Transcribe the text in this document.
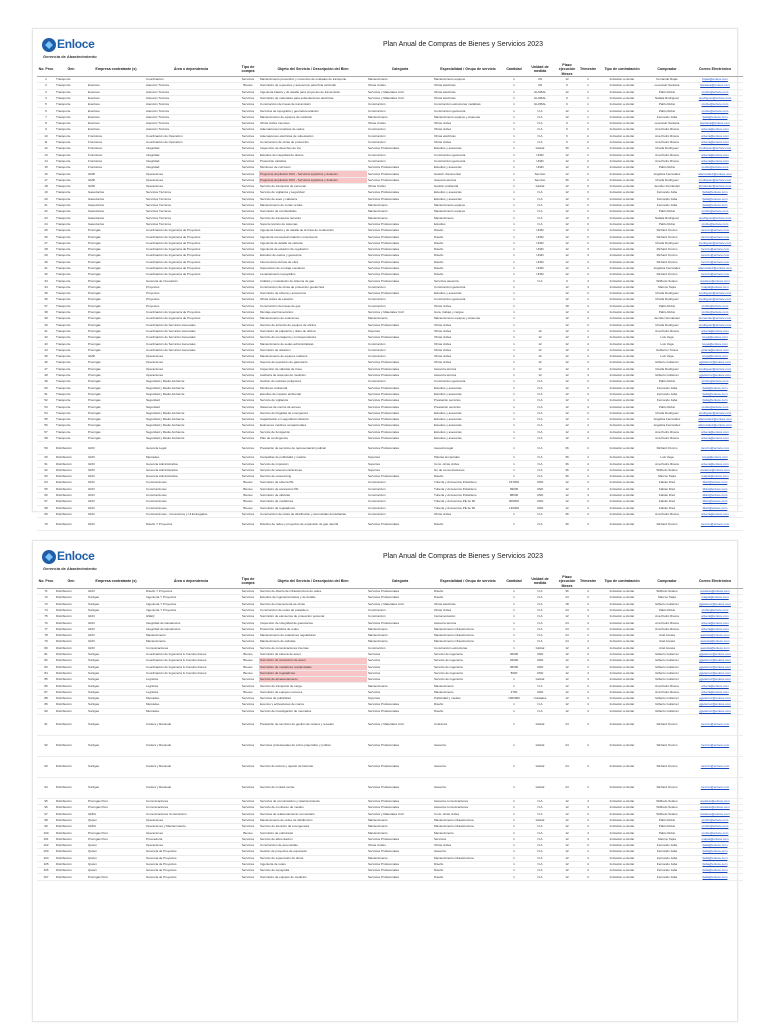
Enloce
Gerencia de Abastecimiento
Plan Anual de Compras de Bienes y Servicios 2023
No. Proc	Gen	Empresa contratante (s)	Área o dependencia	Tipo de compra	Objeto del Servicio / Descripción del Bien	Categoría	Especialidad / Grupo de servicio	Cantidad	Unidad de medida	Plazo ejecución Meses	Trimestre	Tipo de contratación	Comprador	Correo Electrónico
1	Transporte		Coordinación	Servicios	Mantenimiento preventivo y correctivo de unidades de transporte	Mantenimiento	Mantenimiento equipos	1	UN	12	1	Invitación a ofertar	Fernando Rojas	frojas@enloce.com
2	Transporte	Enerloce	Atención Técnica	Bienes	Suministro de repuestos y accesorios para flota vehicular	Obras Civiles	Obras eléctricas	1	UN	6	1	Invitación a ofertar	Leonardo Santana	lsantana@enloce.com
3	Transporte	Enerloce	Atención Técnica	Servicios	Ingeniería básica y de detalle para proyectos de transmisión	Servicios y Materiales Civil	Obras eléctricas	1	GLOBAL	12	1	Invitación a ofertar	Pablo Rubio	prubio@enloce.com
4	Transporte	Enerloce	Atención Técnica	Servicios	Suministro de materiales para subestaciones eléctricas	Servicios y Materiales Civil	Obras eléctricas	1	GLOBAL	6	1	Invitación a ofertar	Natalia Rodríguez	nrodriguez@enloce.com
5	Transporte	Enerloce	Atención Técnica	Servicios	Construcción de líneas de transmisión	Construcción	Construcción estructuras metálicas	1	GLOBAL	6	1	Invitación a ofertar	Pablo Rubio	prubio@enloce.com
6	Transporte	Enerloce	Atención Técnica	Servicios	Servicios de topografía y georreferenciación	Construcción	Construcción geotecnia	1	N.A	12	1	Invitación a ofertar	Pablo Rubio	prubio@enloce.com
7	Transporte	Enerloce	Atención Técnica	Servicios	Mantenimiento de equipos de medición	Mantenimiento	Mantenimiento equipos y sistemas	1	N.A	12	1	Invitación a ofertar	Fernando Jaba	fjaba@enloce.com
8	Transporte	Enerloce	Atención Técnica	Servicios	Obras civiles menores	Obras Civiles	Obras civiles	1	N.A	6	2	Invitación a ofertar	Leonardo Santana	lsantana@enloce.com
9	Transporte	Enerloce	Atención Técnica	Servicios	Adecuaciones locativas de sedes	Construcción	Obras civiles	1	N.A	6	2	Invitación a ofertar	Ana Pedro Rivera	arivera@enloce.com
10	Transporte	Frontoloce	Coordinación de Operación	Servicios	Adecuaciones eléctricas de subestación	Construcción	Obras eléctricas	1	N.A	6	2	Invitación a ofertar	Ana Pedro Rivera	arivera@enloce.com
11	Transporte	Frontoloce	Coordinación de Operación	Servicios	Construcción de obras de protección	Construcción	Obras civiles	1	N.A	6	2	Invitación a ofertar	Ana Pedro Rivera	arivera@enloce.com
12	Transporte	Frontoloce	Integridad	Servicios	Inspección de derechos de vía	Servicios Profesionales	Estudios y asesorías	1	Global	36	2	Invitación a ofertar	Charla Rodríguez	crodriguez@enloce.com
13	Transporte	Frontoloce	Integridad	Servicios	Estudios de integridad de ductos	Construcción	Construcción geotecnia	1	UNID	12	2	Invitación a ofertar	Ana Pedro Rivera	arivera@enloce.com
14	Transporte	Frontoloce	Integridad	Servicios	Protección catódica	Construcción	Construcción geotecnia	1	UNID	12	2	Invitación a ofertar	Ana Pedro Rivera	arivera@enloce.com
15	Transporte	Frontoloce	Integridad	Servicios	Monitoreo de corrosión	Servicios Profesionales	Estudios y asesorías	1	UNID	12	2	Invitación a ofertar	Pablo Rubio	prubio@enloce.com
16	Transporte	GMD	Operaciones	Servicios	Programa ampliación PAC - Servicios logísticos y dotación	Servicios Profesionales	Gestión documental	1	Servicio	12	2	Invitación a ofertar	Angélica Fernández	afernandez@enloce.com
17	Transporte	GMD	Operaciones	Servicios	Programa ampliación PAC - Servicios logísticos y dotación	Servicios Profesionales	Asesoría técnica	1	Servicio	36	2	Invitación a ofertar	Charla Rodríguez	crodriguez@enloce.com
18	Transporte	GMD	Operaciones	Servicios	Servicio de transporte de personal	Obras Civiles	Gestión ambiental	1	Global	12	3	Invitación a ofertar	Jennifer Fernández	jfernandez@enloce.com
19	Transporte	Gasoductos	Servicios Técnicos	Servicios	Servicio de vigilancia y seguridad	Servicios Profesionales	Estudios y asesorías	1	N.A	12	3	Invitación a ofertar	Fernando Jaba	fjaba@enloce.com
20	Transporte	Gasoductos	Servicios Técnicos	Servicios	Servicio de aseo y cafetería	Servicios Profesionales	Estudios y asesorías	1	N.A	12	3	Invitación a ofertar	Fernando Jaba	fjaba@enloce.com
21	Transporte	Gasoductos	Servicios Técnicos	Servicios	Mantenimiento de zonas verdes	Mantenimiento	Mantenimiento equipos	1	N.A	12	3	Invitación a ofertar	Fernando Jaba	fjaba@enloce.com
22	Transporte	Gasoductos	Servicios Técnicos	Servicios	Suministro de combustibles	Mantenimiento	Mantenimiento equipos	1	N.A	12	3	Invitación a ofertar	Pablo Rubio	prubio@enloce.com
23	Transporte	Gasoductos	Servicios Técnicos	Servicios	Servicio de transporte terrestre	Mantenimiento	Mantenimiento	1	N.A	12	3	Invitación a ofertar	Natalia Rodríguez	nrodriguez@enloce.com
24	Transporte	Gasoductos	Servicios Técnicos	Servicios	Soporte técnico de sistemas	Servicios Profesionales	Estudios	1	N.A	12	3	Invitación a ofertar	Pablo Rubio	prubio@enloce.com
25	Transporte	Promigas	Coordinación de Ingeniería de Proyectos	Servicios	Ingeniería básica y de detalle de la línea de conducción	Servicios Profesionales	Diseño	1	UNID	12	3	Invitación a ofertar	Richard Orozco	rorozco@enloce.com
26	Transporte	Promigas	Coordinación de Ingeniería de Proyectos	Servicios	Ingeniería conceptual estación compresora	Servicios Profesionales	Diseño	1	UNID	12	3	Invitación a ofertar	Richard Orozco	rorozco@enloce.com
27	Transporte	Promigas	Coordinación de Ingeniería de Proyectos	Servicios	Ingeniería de detalle de variante	Servicios Profesionales	Diseño	1	UNID	12	3	Invitación a ofertar	Charla Rodríguez	crodriguez@enloce.com
28	Transporte	Promigas	Coordinación de Ingeniería de Proyectos	Servicios	Ingeniería de estación de regulación	Servicios Profesionales	Diseño	1	UNID	12	3	Invitación a ofertar	Richard Orozco	rorozco@enloce.com
29	Transporte	Promigas	Coordinación de Ingeniería de Proyectos	Servicios	Estudios de suelos y geotecnia	Servicios Profesionales	Diseño	1	UNID	12	4	Invitación a ofertar	Richard Orozco	rorozco@enloce.com
30	Transporte	Promigas	Coordinación de Ingeniería de Proyectos	Servicios	Interventoría técnica de obra	Servicios Profesionales	Diseño	1	UNID	12	4	Invitación a ofertar	Richard Orozco	rorozco@enloce.com
31	Transporte	Promigas	Coordinación de Ingeniería de Proyectos	Servicios	Supervisión de montaje mecánico	Servicios Profesionales	Diseño	1	UNID	12	4	Invitación a ofertar	Angélica Fernández	afernandez@enloce.com
32	Transporte	Promigas	Coordinación de Ingeniería de Proyectos	Servicios	Levantamiento topográfico	Servicios Profesionales	Diseño	1	UNID	12	4	Invitación a ofertar	Richard Orozco	rorozco@enloce.com
33	Transporte	Promigas	Gerencia de Innovación	Servicios	Análisis y modelación de sistema de gas	Servicios Profesionales	Servicios asesoría	1	N.A	6	4	Invitación a ofertar	Wilfredo Solano	wsolano@enloce.com
34	Transporte	Promigas	Proyectos	Servicios	Construcción de obras de protección geotécnica	Construcción	Construcción geotecnia	1		12	4	Invitación a ofertar	Marcos Tapia	mtapia@enloce.com
35	Transporte	Promigas	Proyectos	Servicios	Suministro de tubería y accesorios	Servicios Profesionales	Estudios y asesorías	1		12	4	Invitación a ofertar	Charla Rodríguez	crodriguez@enloce.com
36	Transporte	Promigas	Proyectos	Servicios	Obras civiles de estación	Construcción	Construcción geotecnia	1		12	4	Invitación a ofertar	Charla Rodríguez	crodriguez@enloce.com
37	Transporte	Promigas	Proyectos	Servicios	Construcción de líneas de gas	Construcción	Obras civiles	1		18	4	Invitación a ofertar	Pablo Rubio	prubio@enloce.com
38	Transporte	Promigas	Coordinación de Ingeniería de Proyectos	Servicios	Montaje electromecánico	Servicios y Materiales Civil	Guía, trabajo y cargue	1		12	4	Invitación a ofertar	Pablo Rubio	prubio@enloce.com
39	Transporte	Promigas	Coordinación de Ingeniería de Proyectos	Servicios	Mantenimiento de estaciones	Mantenimiento	Mantenimiento equipos y sistemas	1		12	4	Invitación a ofertar	Jennifer Fernández	jfernandez@enloce.com
40	Transporte	Promigas	Coordinación de Servicios Generales	Servicios	Servicio de arriendo de equipos de oficina	Servicios Profesionales	Obras civiles	1		12	4	Invitación a ofertar	Charla Rodríguez	crodriguez@enloce.com
41	Transporte	Promigas	Coordinación de Servicios Generales	Servicios	Suministro de papelería y útiles de oficina	Soportes	Obras civiles	1	12	12	4	Invitación a ofertar	Ana Pedro Rivera	arivera@enloce.com
42	Transporte	Promigas	Coordinación de Servicios Generales	Servicios	Servicio de mensajería y correspondencia	Servicios Profesionales	Obras civiles	1	12	12	4	Invitación a ofertar	Luis Vega	lvega@enloce.com
43	Transporte	Promigas	Coordinación de Servicios Generales	Servicios	Mantenimiento de sedes administrativas	Construcción	Obras civiles	1	12	12	4	Invitación a ofertar	Luis Vega	lvega@enloce.com
44	Transporte	Promigas	Coordinación de Servicios Generales	Servicios	Suministro de dotación	Construcción	Obras civiles	1	12	12	4	Invitación a ofertar	Guillermo Triana	gtriana@enloce.com
45	Transporte	GMD	Operaciones	Servicios	Mantenimiento de equipos rotativos	Construcción	Obras civiles	1	12	12	4	Invitación a ofertar	Luis Vega	lvega@enloce.com
46	Transporte	Promigas	Operaciones	Servicios	Soporte de operación de gasoducto	Servicios Profesionales	Obras civiles	1	12	12	4	Invitación a ofertar	Gilberto Gutiérrez	ggutierrez@enloce.com
47	Transporte	Promigas	Operaciones	Servicios	Inspección de válvulas de línea	Servicios Profesionales	Asesoría técnica	1	12	12	4	Invitación a ofertar	Charla Rodríguez	crodriguez@enloce.com
48	Transporte	Promigas	Operaciones	Servicios	Auditoría de sistemas de medición	Servicios Profesionales	Asesoría técnica	1	12	12	4	Invitación a ofertar	Gilberto Gutiérrez	ggutierrez@enloce.com
49	Transporte	Promigas	Seguridad y Medio Ambiente	Servicios	Gestión de residuos peligrosos	Construcción	Construcción geotecnia	1	N.A	12	4	Invitación a ofertar	Pablo Rubio	prubio@enloce.com
50	Transporte	Promigas	Seguridad y Medio Ambiente	Servicios	Monitoreo ambiental	Servicios Profesionales	Estudios y asesorías	1	N.A	12	4	Invitación a ofertar	Fernando Jaba	fjaba@enloce.com
51	Transporte	Promigas	Seguridad y Medio Ambiente	Servicios	Estudios de impacto ambiental	Servicios Profesionales	Estudios y asesorías	1	N.A	12	4	Invitación a ofertar	Fernando Jaba	fjaba@enloce.com
52	Transporte	Promigas	Seguridad	Servicios	Servicio de vigilancia	Servicios Profesionales	Prestación servicios	1	N.A	12	4	Invitación a ofertar	Fernando Jaba	fjaba@enloce.com
53	Transporte	Promigas	Seguridad	Servicios	Sistemas de control de acceso	Servicios Profesionales	Prestación servicios	1	N.A	12	4	Invitación a ofertar	Pablo Rubio	prubio@enloce.com
54	Transporte	Promigas	Seguridad y Medio Ambiente	Servicios	Servicio de brigadas de emergencia	Servicios Profesionales	Estudios y asesorías	1	N.A	12	4	Invitación a ofertar	Charla Rodríguez	crodriguez@enloce.com
55	Transporte	Promigas	Seguridad y Medio Ambiente	Servicios	Capacitación en seguridad industrial	Servicios Profesionales	Estudios y asesorías	1	N.A	12	4	Invitación a ofertar	Angélica Fernández	afernandez@enloce.com
56	Transporte	Promigas	Seguridad y Medio Ambiente	Servicios	Exámenes médicos ocupacionales	Servicios Profesionales	Estudios y asesorías	1	N.A	12	4	Invitación a ofertar	Angélica Fernández	afernandez@enloce.com
57	Transporte	Promigas	Seguridad y Medio Ambiente	Servicios	Servicio de fumigación	Servicios Profesionales	Estudios y asesorías	1	N.A	12	4	Invitación a ofertar	Ana Pedro Rivera	arivera@enloce.com
58	Transporte	Promigas	Seguridad y Medio Ambiente	Servicios	Plan de contingencia	Servicios Profesionales	Estudios y asesorías	1	N.A	12	4	Invitación a ofertar	Ana Pedro Rivera	arivera@enloce.com
59	Distribución	GDO	Gerencia Legal	Servicios	Prestación de servicios de representación judicial	Servicios Profesionales	Asesoría legal	1	N.A	36	4	Invitación a ofertar	Richard Orozco	rorozco@enloce.com
60	Distribución	GDO	Mercadeo	Servicios	Campañas de publicidad y medios	Soportes	Plantas temporales	1	N.A	36	4	Invitación a ofertar	Luis Vega	lvega@enloce.com
61	Distribución	GDO	Gerencia Administrativa	Servicios	Servicio de impresión	Soportes	Cons. obras civiles	1	N.A	36	4	Invitación a ofertar	Ana Pedro Rivera	arivera@enloce.com
62	Distribución	GDO	Gerencia Administrativa	Servicios	Servicio de telecomunicaciones	Soportes	Gu de comunicaciones	1	N.A	36	4	Invitación a ofertar	Wilfredo Solano	wsolano@enloce.com
63	Distribución	GDO	Gerencia Administrativa	Servicios	Servicio de outsourcing	Servicios Profesionales	Diseño	1	N.A	36	4	Invitación a ofertar	Marcos Tapia	mtapia@enloce.com
64	Distribución	GDO	Construcciones	Bienes	Suministro de tubería PE	Construcción	Tubería y Accesorios Polietileno	157000	UND	12	4	Invitación a ofertar	Fabian Díaz	fdiaz@enloce.com
65	Distribución	GDO	Construcciones	Bienes	Suministro de accesorios PE	Construcción	Tubería y Accesorios Polietileno	99000	UND	12	4	Invitación a ofertar	Fabian Díaz	fdiaz@enloce.com
66	Distribución	GDO	Construcciones	Bienes	Suministro de válvulas	Construcción	Tubería y Accesorios Polietileno	88000	UND	12	4	Invitación a ofertar	Fabian Díaz	fdiaz@enloce.com
67	Distribución	GDO	Construcciones	Bienes	Suministro de medidores	Construcción	Tubería y Accesorios PE de 90	900000	UND	12	4	Invitación a ofertar	Fabian Díaz	fdiaz@enloce.com
68	Distribución	GDO	Construcciones	Bienes	Suministro de reguladores	Construcción	Tubería y Accesorios PE de 90	140000	UND	12	4	Invitación a ofertar	Fabian Díaz	fdiaz@enloce.com
69	Distribución	GDO	Construcciones - Conexiones y Ul.Entregados	Servicios	Construcción de redes de distribución y acometidas domiciliarias	Construcción	Obras civiles	1	N.A	36	4	Invitación a ofertar	Ana Pedro Rivera	arivera@enloce.com
70	Distribución	GDO	Diseño Y Proyectos	Servicios	Diseños de redes y proyectos de expansión de gas natural	Servicios Profesionales	Diseño	1	N.A	36	4	Invitación a ofertar	Richard Orozco	rorozco@enloce.com
Enloce
Gerencia de Abastecimiento
Plan Anual de Compras de Bienes y Servicios 2023
No. Proc	Gen	Empresa contratante (s)	Área o dependencia	Tipo de compra	Objeto del Servicio / Descripción del Bien	Categoría	Especialidad / Grupo de servicio	Cantidad	Unidad de medida	Plazo ejecución Meses	Trimestre	Tipo de contratación	Comprador	Correo Electrónico
71	Distribución	GDO	Diseño Y Proyectos	Servicios	Servicio de diseño de infraestructura de redes	Servicios Profesionales	Diseño	1	N.A	36	4	Invitación a ofertar	Wilfredo Solano	wsolano@enloce.com
72	Distribución	Surtigas	Ingeniería Y Proyectos	Servicios	Estudios de ingeniería básica y de detalle	Servicios Profesionales	Diseño	1	N.A	24	4	Invitación a ofertar	Marcos Tapia	mtapia@enloce.com
73	Distribución	Surtigas	Ingeniería Y Proyectos	Servicios	Servicio de interventoría de obras	Servicios y Materiales Civil	Obras eléctricas	1	N.A	18	4	Invitación a ofertar	Gilberto Gutiérrez	ggutierrez@enloce.com
74	Distribución	Surtigas	Ingeniería Y Proyectos	Servicios	Construcción de redes de polietileno	Construcción	Obras civiles	1	N.A	24	4	Invitación a ofertar	Pablo Rubio	prubio@enloce.com
75	Distribución	GDO	HSEQ	Servicios	Suministro de elementos de protección personal	Construcción	Instrumentación	1	N.A	12	4	Invitación a ofertar	Ana Pedro Rivera	arivera@enloce.com
76	Distribución	GDO	Integridad de Gasoductos	Servicios	Inspección de integridad de gasoductos	Servicios Profesionales	Asesoría técnica	1	N.A	24	4	Invitación a ofertar	Ana Pedro Rivera	arivera@enloce.com
77	Distribución	GDO	Integridad de Gasoductos	Servicios	Protección catódica de redes	Mantenimiento	Mantenimiento infraestructura	1	N.A	24	4	Invitación a ofertar	Ana Pedro Rivera	arivera@enloce.com
78	Distribución	GDO	Mantenimiento	Servicios	Mantenimiento de estaciones reguladoras	Mantenimiento	Mantenimiento infraestructura	1	N.A	24	4	Invitación a ofertar	Ariel Acosta	aacosta@enloce.com
79	Distribución	GDO	Mantenimiento	Servicios	Mantenimiento de válvulas	Mantenimiento	Mantenimiento infraestructura	1	N.A	24	4	Invitación a ofertar	Ariel Acosta	aacosta@enloce.com
80	Distribución	GDO	Comunicaciones	Servicios	Servicio de comunicaciones internas	Construcción	Construcción estructuras	1	Global	12	4	Invitación a ofertar	Ariel Acosta	aacosta@enloce.com
81	Distribución	Surtigas	Coordinación de Ingeniería & Construcciones	Bienes	Suministro de tubería de acero	Servicios	Servicio de ingeniería	36000	UND	12	4	Invitación a ofertar	Gilberto Gutiérrez	ggutierrez@enloce.com
82	Distribución	Surtigas	Coordinación de Ingeniería & Construcciones	Bienes	Suministro de accesorios de acero	Servicios	Servicio de ingeniería	32000	UND	12	4	Invitación a ofertar	Gilberto Gutiérrez	ggutierrez@enloce.com
83	Distribución	Surtigas	Coordinación de Ingeniería & Construcciones	Bienes	Suministro de medidores residenciales	Servicios	Servicio de ingeniería	36000	UND	12	4	Invitación a ofertar	Gilberto Gutiérrez	ggutierrez@enloce.com
84	Distribución	Surtigas	Coordinación de Ingeniería & Construcciones	Bienes	Suministro de reguladores	Servicios	Servicio de ingeniería	8000	UND	12	4	Invitación a ofertar	Gilberto Gutiérrez	ggutierrez@enloce.com
85	Distribución	Surtigas	Logística	Servicios	Servicio de almacenamiento	Servicios	Servicio de ingeniería	1	Global	12	4	Invitación a ofertar	Gilberto Gutiérrez	ggutierrez@enloce.com
86	Distribución	Surtigas	Logística	Servicios	Servicio de transporte de carga	Mantenimiento	Mantenimiento	1	N.A	12	4	Invitación a ofertar	Ana Pedro Rivera	arivera@enloce.com
87	Distribución	Surtigas	Logística	Bienes	Suministro de equipos menores	Servicios	Mantenimiento	2700	UND	12	4	Invitación a ofertar	Ana Pedro Rivera	arivera@enloce.com
88	Distribución	Surtigas	Mercadeo	Servicios	Servicios de publicidad	Soportes	Publicidad y medios	1000000	Unidades	12	4	Invitación a ofertar	Gilberto Gutiérrez	ggutierrez@enloce.com
89	Distribución	Surtigas	Mercadeo	Servicios	Eventos y activaciones de marca	Servicios Profesionales	Diseño	1	N.A	12	4	Invitación a ofertar	Gilberto Gutiérrez	ggutierrez@enloce.com
90	Distribución	Surtigas	Mercadeo	Servicios	Servicio de investigación de mercados	Servicios Profesionales	Diseño	1	N.A	12	4	Invitación a ofertar	Gilberto Gutiérrez	ggutierrez@enloce.com
91	Distribución	Surtigas	Cartera y Recaudo	Servicios	Prestación de servicios de gestión de cartera y recaudo	Servicios y Materiales Civil	Cobranza	1	Global	24	4	Invitación a ofertar	Richard Orozco	rorozco@enloce.com
92	Distribución	Surtigas	Cartera y Recaudo	Servicios	Servicios profesionales de cobro prejurídico y jurídico	Servicios Profesionales	Asesoría	1	Global	24	4	Invitación a ofertar	Richard Orozco	rorozco@enloce.com
93	Distribución	Surtigas	Cartera y Recaudo	Servicios	Servicio de lectura y reparto de facturas	Servicios Profesionales	Asesoría	1	Global	24	4	Invitación a ofertar	Richard Orozco	rorozco@enloce.com
94	Distribución	Surtigas	Cartera y Recaudo	Servicios	Servicio de contact center	Servicios Profesionales	Asesoría	1	Global	24	4	Invitación a ofertar	Richard Orozco	rorozco@enloce.com
95	Distribución	Promigas Perú	Comunicaciones	Servicios	Servicios de comunicación y relacionamiento	Servicios Profesionales	Asesoría comunicaciones	1	N.A	12	4	Invitación a ofertar	Wilfredo Solano	wsolano@enloce.com
96	Distribución	Promigas Perú	Comunicaciones	Servicios	Servicio de monitoreo de medios	Servicios Profesionales	Asesoría comunicaciones	1	N.A	12	4	Invitación a ofertar	Wilfredo Solano	wsolano@enloce.com
97	Distribución	GDPe	Comunicaciones Construcción	Servicios	Servicios de relacionamiento comunitario	Servicios y Materiales Civil	Cons. obras civiles	1	N.A	12	4	Invitación a ofertar	Wilfredo Solano	wsolano@enloce.com
98	Distribución	Quavii	Operaciones	Servicios	Mantenimiento de redes de distribución	Mantenimiento	Mantenimiento infraestructura	1	Global	12	4	Invitación a ofertar	Pablo Rubio	prubio@enloce.com
99	Distribución	GDPe	Operaciones y Mantenimiento	Servicios	Servicio de atención de emergencias	Mantenimiento	Mantenimiento infraestructura	1	N.A	12	4	Invitación a ofertar	Pablo Rubio	prubio@enloce.com
100	Distribución	Promigas Perú	Operaciones	Bienes	Suministro de odorizante	Mantenimiento	Mantenimiento	1	N.A	12	4	Invitación a ofertar	Pablo Rubio	prubio@enloce.com
101	Distribución	Promigas Perú	Proveeduría	Servicios	Servicio de alimentación	Servicios Profesionales	Servicios	1	N.A	12	4	Invitación a ofertar	Marcos Tapia	mtapia@enloce.com
102	Distribución	Quavii	Operaciones	Servicios	Construcción de acometidas	Obras Civiles	Obras civiles	1	N.A	12	4	Invitación a ofertar	Fernando Jaba	fjaba@enloce.com
103	Distribución	Quavii	Gerencia de Proyectos	Servicios	Gestión de proyectos de expansión	Servicios Profesionales	Asesoría	1	N.A	12	4	Invitación a ofertar	Fernando Jaba	fjaba@enloce.com
104	Distribución	Quavii	Gerencia de Proyectos	Servicios	Servicio de supervisión de obras	Mantenimiento	Mantenimiento infraestructura	1	N.A	12	4	Invitación a ofertar	Fernando Jaba	fjaba@enloce.com
105	Distribución	Quavii	Gerencia de Proyectos	Servicios	Ingeniería de redes	Servicios Profesionales	Diseño	1	N.A	12	4	Invitación a ofertar	Fernando Jaba	fjaba@enloce.com
106	Distribución	Quavii	Gerencia de Proyectos	Servicios	Servicio de topografía	Servicios Profesionales	Diseño	1	N.A	12	4	Invitación a ofertar	Fernando Jaba	fjaba@enloce.com
107	Distribución	Promigas Perú	Gerencia de Proyectos	Servicios	Suministro de equipos de medición	Servicios Profesionales	Diseño	1	N.A	12	4	Invitación a ofertar	Fernando Jaba	fjaba@enloce.com
